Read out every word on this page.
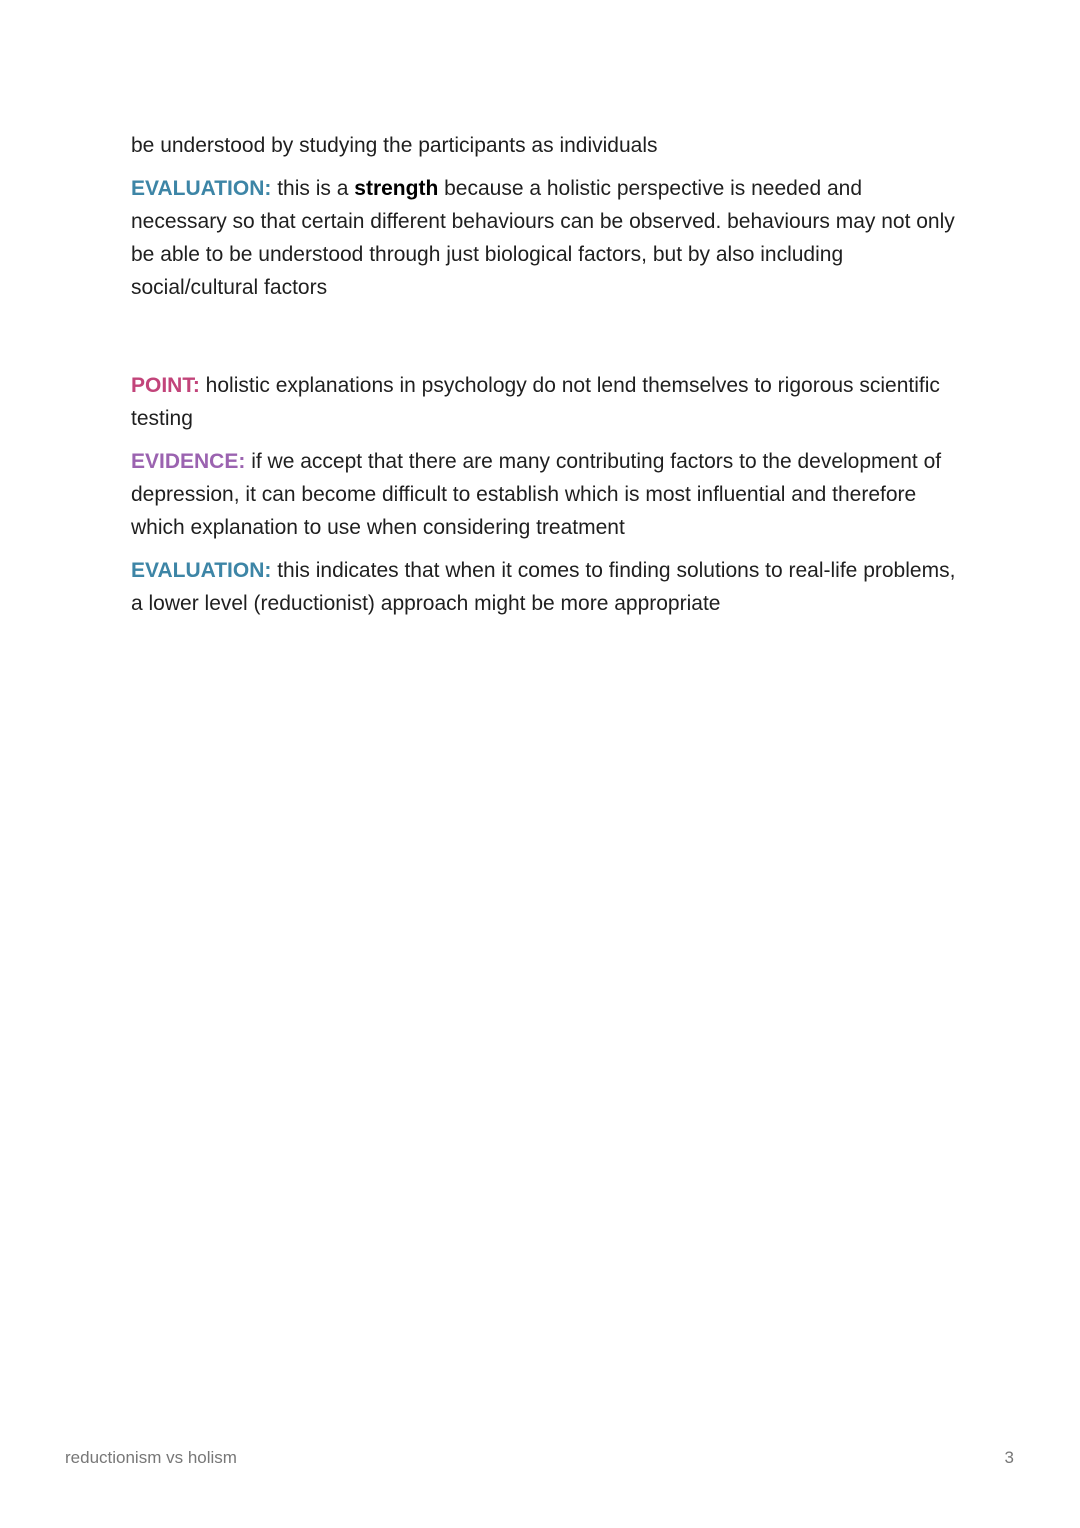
be understood by studying the participants as individuals

EVALUATION: this is a strength because a holistic perspective is needed and necessary so that certain different behaviours can be observed. behaviours may not only be able to be understood through just biological factors, but by also including social/cultural factors

POINT: holistic explanations in psychology do not lend themselves to rigorous scientific testing

EVIDENCE: if we accept that there are many contributing factors to the development of depression, it can become difficult to establish which is most influential and therefore which explanation to use when considering treatment

EVALUATION: this indicates that when it comes to finding solutions to real-life problems, a lower level (reductionist) approach might be more appropriate

reductionism vs holism	3
